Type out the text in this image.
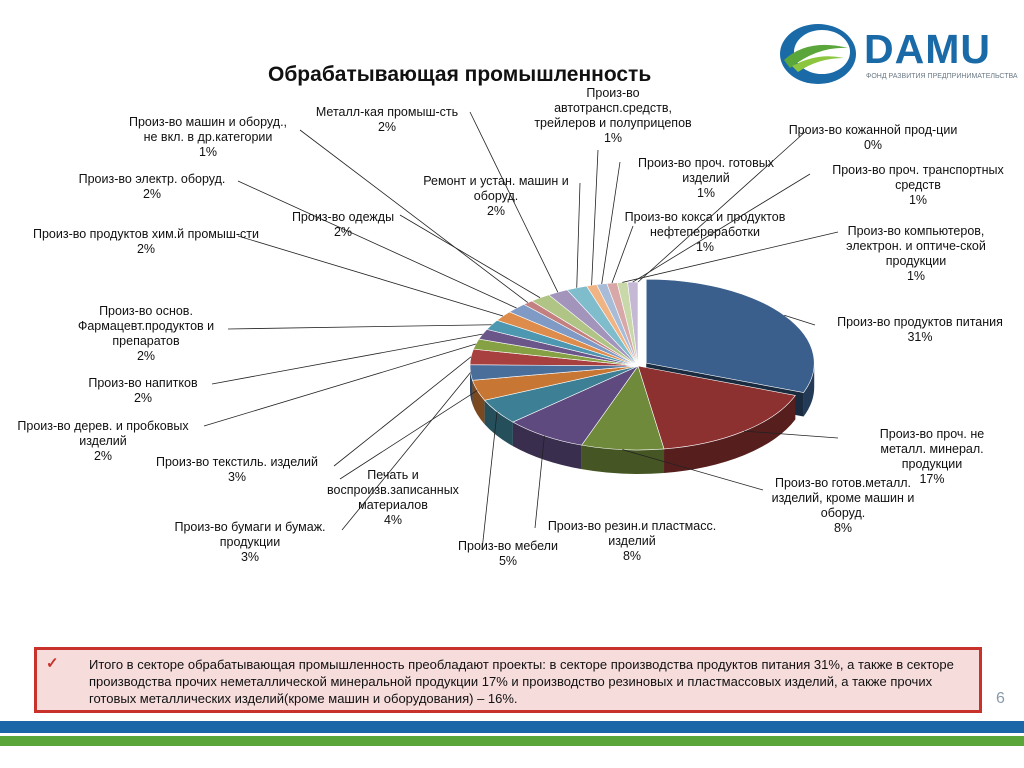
Обрабатывающая промышленность
DAMU
ФОНД РАЗВИТИЯ ПРЕДПРИНИМАТЕЛЬСТВА
Произ-во продуктов питания 31%
Произ-во проч. не металл. минерал. продукции 17%
Произ-во готов.металл. изделий, кроме машин и оборуд. 8%
Произ-во резин.и пластмасс. изделий 8%
Произ-во мебели 5%
Печать и воспроизв.записанных материалов 4%
Произ-во бумаги и бумаж. продукции 3%
Произ-во текстиль. изделий 3%
Произ-во дерев. и пробковых изделий 2%
Произ-во напитков 2%
Произ-во основ. Фармацевт.продуктов и препаратов 2%
Произ-во продуктов хим.й промыш-сти 2%
Произ-во электр. оборуд. 2%
Произ-во машин и оборуд., не вкл. в др.категории 1%
Произ-во одежды 2%
Металл-кая промыш-сть 2%
Ремонт и устан. машин и оборуд. 2%
Произ-во автотрансп.средств, трейлеров и полуприцепов 1%
Произ-во проч. готовых изделий 1%
Произ-во кокса и продуктов нефтепереработки 1%
Произ-во компьютеров, электрон. и оптиче-ской продукции 1%
Произ-во проч. транспортных средств 1%
Произ-во кожанной прод-ции 0%
✓ Итого в секторе обрабатывающая промышленность преобладают проекты: в секторе производства продуктов питания 31%, а также в секторе производства прочих неметаллической минеральной продукции 17% и производство резиновых и пластмассовых изделий, а также прочих готовых металлических изделий(кроме машин и оборудования) – 16%.	6
